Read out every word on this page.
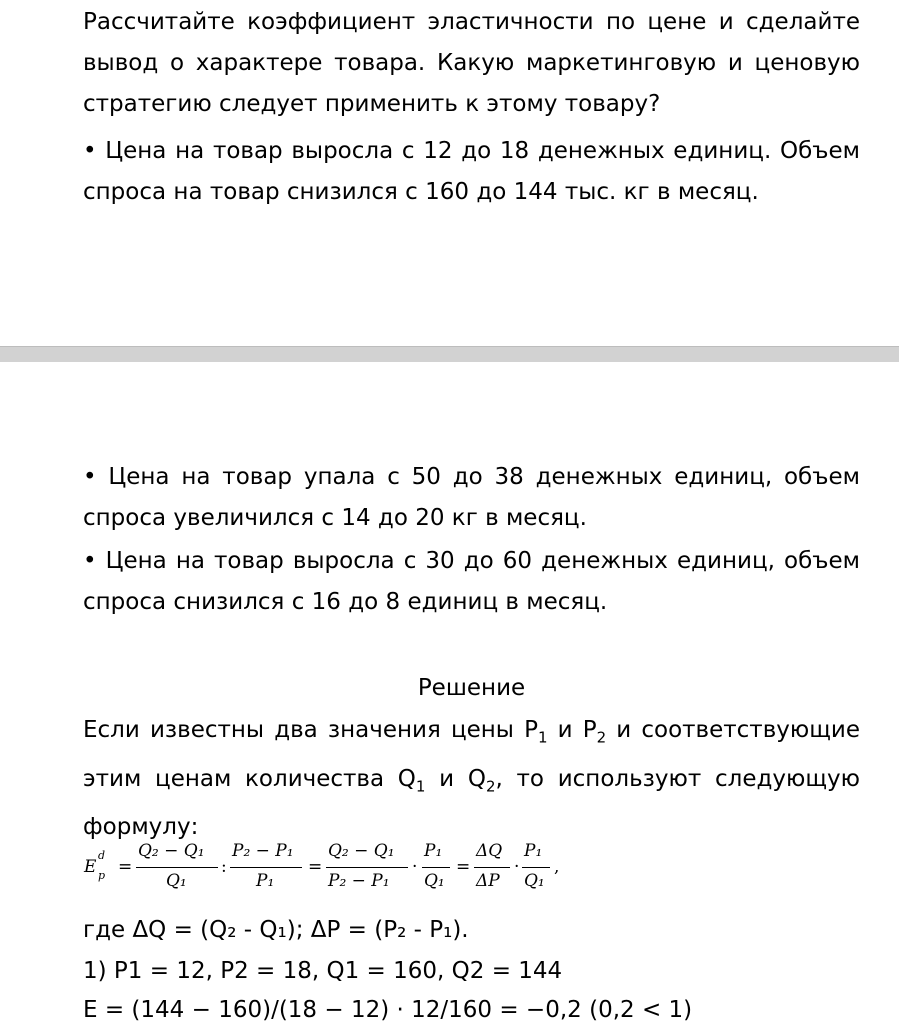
Рассчитайте коэффициент эластичности по цене и сделайте вывод о характере товара. Какую маркетинговую и ценовую стратегию следует применить к этому товару?

• Цена на товар выросла с 12 до 18 денежных единиц. Объем спроса на товар снизился с 160 до 144 тыс. кг в месяц.

• Цена на товар упала с 50 до 38 денежных единиц, объем спроса увеличился с 14 до 20 кг в месяц.

• Цена на товар выросла с 30 до 60 денежных единиц, объем спроса снизился с 16 до 8 единиц в месяц.

Решение

Если известны два значения цены $P_1$ и $P_2$ и соответствующие этим ценам количества $Q_1$ и $Q_2$, то используют следующую формулу:

E
d
p =
Q₂ − Q₁
Q₁
:
P₂ − P₁
P₁
=
Q₂ − Q₁
P₂ − P₁
·
P₁
Q₁
=
ΔQ
ΔP
·
P₁
Q₁
,
где ΔQ = (Q₂ - Q₁); ΔP = (P₂ - P₁).
1) P1 = 12, P2 = 18, Q1 = 160, Q2 = 144
E = (144 − 160)/(18 − 12) · 12/160 = −0,2 (0,2 < 1)
